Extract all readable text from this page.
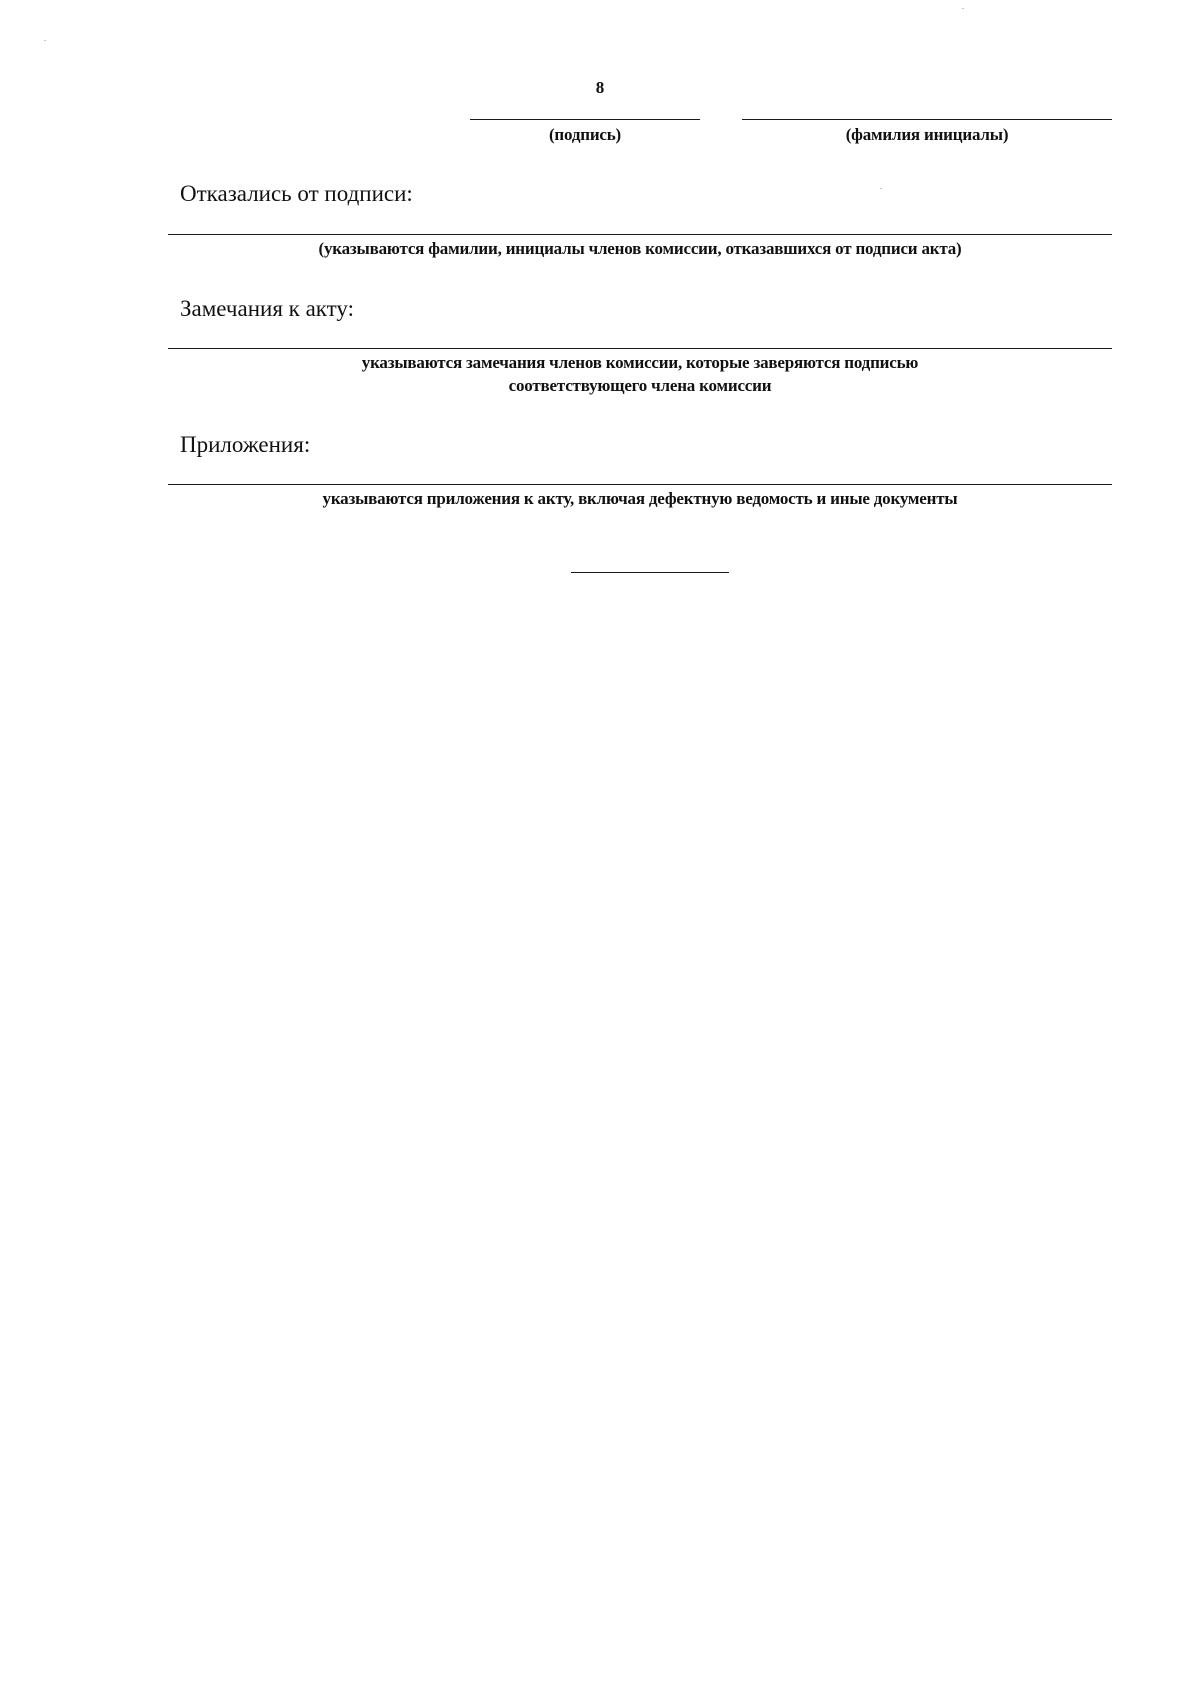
8
(подпись)	(фамилия инициалы)
Отказались от подписи:
(указываются фамилии, инициалы членов комиссии, отказавшихся от подписи акта)
Замечания к акту:
указываются замечания членов комиссии, которые заверяются подписью
соответствующего члена комиссии
Приложения:
указываются приложения к акту, включая дефектную ведомость и иные документы
